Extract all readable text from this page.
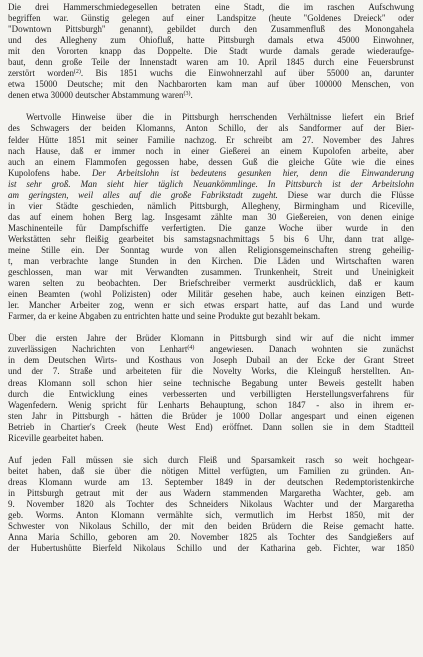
Die drei Hammerschmiedegesellen betraten eine Stadt, die im raschen Aufschwung

begriffen war. Günstig gelegen auf einer Landspitze (heute "Goldenes Dreieck" oder

"Downtown Pittsburgh" genannt), gebildet durch den Zusammenfluß des Monongahela

und des Allegheny zum Ohiofluß, hatte Pittsburgh damals etwa 45000 Einwohner,

mit den Vororten knapp das Doppelte. Die Stadt wurde damals gerade wiederaufge-

baut, denn große Teile der Innenstadt waren am 10. April 1845 durch eine Feuersbrunst

zerstört worden$^{(2)}$. Bis 1851 wuchs die Einwohnerzahl auf über 55000 an, darunter

etwa 15000 Deutsche; mit den Nachbarorten kam man auf über 100000 Menschen, von

denen etwa 30000 deutscher Abstammung waren$^{(3)}$.

Wertvolle Hinweise über die in Pittsburgh herrschenden Verhältnisse liefert ein Brief

des Schwagers der beiden Klomanns, Anton Schillo, der als Sandformer auf der Bier-

felder Hütte 1851 mit seiner Familie nachzog. Er schreibt am 27. November des Jahres

nach Hause, daß er immer noch in einer Gießerei an einem Kupolofen arbeite, aber

auch an einem Flammofen gegossen habe, dessen Guß die gleiche Güte wie die eines

Kupolofens habe. Der Arbeitslohn ist bedeutens gesunken hier, denn die Einwanderung

ist sehr groß. Man sieht hier täglich Neuankömmlinge. In Pittsburch ist der Arbeitslohn

am geringsten, weil alles auf die große Fabrikstadt zugeht. Diese war durch die Flüsse

in vier Städte geschieden, nämlich Pittsburgh, Allegheny, Birmingham und Riceville,

das auf einem hohen Berg lag. Insgesamt zählte man 30 Gießereien, von denen einige

Maschinenteile für Dampfschiffe verfertigten. Die ganze Woche über wurde in den

Werkstätten sehr fleißig gearbeitet bis samstagsnachmittags 5 bis 6 Uhr, dann trat allge-

meine Stille ein. Der Sonntag wurde von allen Religionsgemeinschaften streng geheilig-

t, man verbrachte lange Stunden in den Kirchen. Die Läden und Wirtschaften waren

geschlossen, man war mit Verwandten zusammen. Trunkenheit, Streit und Uneinigkeit

waren selten zu beobachten. Der Briefschreiber vermerkt ausdrücklich, daß er kaum

einen Beamten (wohl Polizisten) oder Militär gesehen habe, auch keinen einzigen Bett-

ler. Mancher Arbeiter zog, wenn er sich etwas erspart hatte, auf das Land und wurde

Farmer, da er keine Abgaben zu entrichten hatte und seine Produkte gut bezahlt bekam.

Über die ersten Jahre der Brüder Klomann in Pittsburgh sind wir auf die nicht immer

zuverlässigen Nachrichten von Lenhart$^{(4)}$ angewiesen. Danach wohnten sie zunächst

in dem Deutschen Wirts- und Kosthaus von Joseph Dubail an der Ecke der Grant Street

und der 7. Straße und arbeiteten für die Novelty Works, die Kleinguß herstellten. An-

dreas Klomann soll schon hier seine technische Begabung unter Beweis gestellt haben

durch die Entwicklung eines verbesserten und verbilligten Herstellungsverfahrens für

Wagenfedern. Wenig spricht für Lenharts Behauptung, schon 1847 - also in ihrem er-

sten Jahr in Pittsburgh - hätten die Brüder je 1000 Dollar angespart und einen eigenen

Betrieb in Chartier's Creek (heute West End) eröffnet. Dann sollen sie in dem Stadtteil

Riceville gearbeitet haben.

Auf jeden Fall müssen sie sich durch Fleiß und Sparsamkeit rasch so weit hochgear-

beitet haben, daß sie über die nötigen Mittel verfügten, um Familien zu gründen. An-

dreas Klomann wurde am 13. September 1849 in der deutschen Redemptoristenkirche

in Pittsburgh getraut mit der aus Wadern stammenden Margaretha Wachter, geb. am

9. November 1820 als Tochter des Schneiders Nikolaus Wachter und der Margaretha

geb. Worms. Anton Klomann vermählte sich, vermutlich im Herbst 1850, mit der

Schwester von Nikolaus Schillo, der mit den beiden Brüdern die Reise gemacht hatte.

Anna Maria Schillo, geboren am 20. November 1825 als Tochter des Sandgießers auf

der Hubertushütte Bierfeld Nikolaus Schillo und der Katharina geb. Fichter, war 1850
